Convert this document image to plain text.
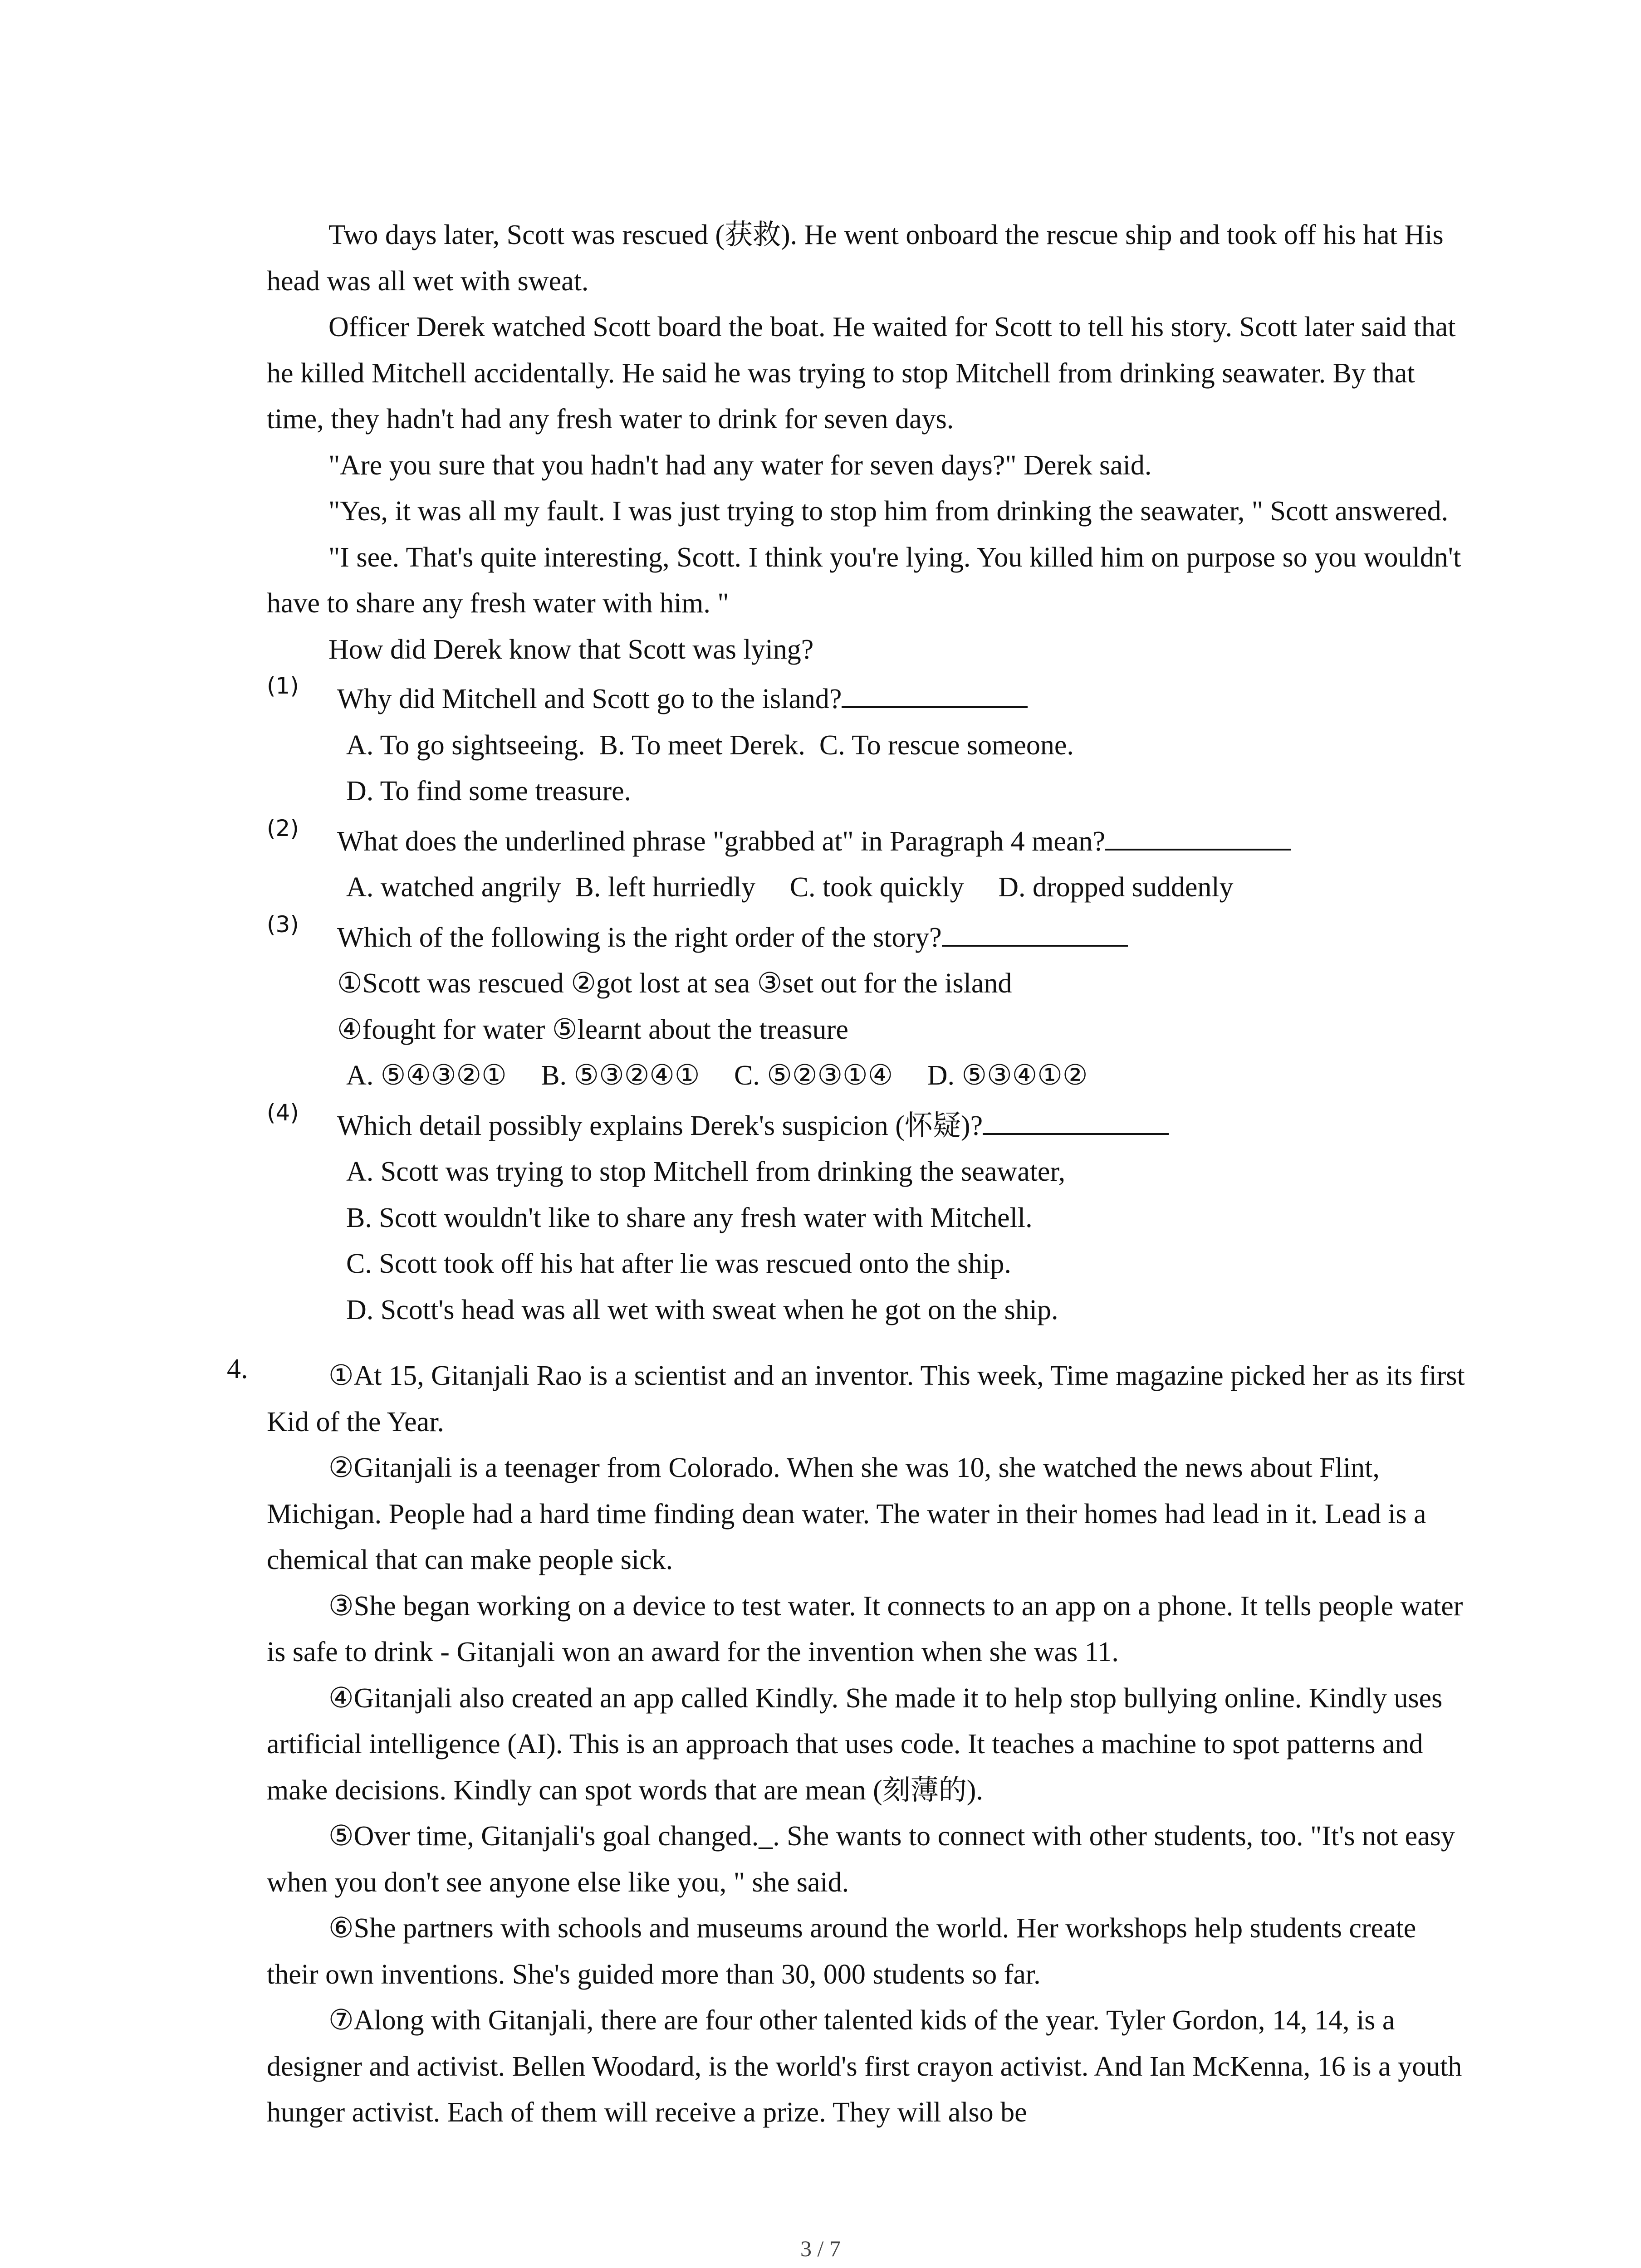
Two days later, Scott was rescued (获救). He went onboard the rescue ship and took off his hat His head was all wet with sweat.

Officer Derek watched Scott board the boat. He waited for Scott to tell his story. Scott later said that he killed Mitchell accidentally. He said he was trying to stop Mitchell from drinking seawater. By that time, they hadn't had any fresh water to drink for seven days.

"Are you sure that you hadn't had any water for seven days?" Derek said.

"Yes, it was all my fault. I was just trying to stop him from drinking the seawater, " Scott answered.

"I see. That's quite interesting, Scott. I think you're lying. You killed him on purpose so you wouldn't have to share any fresh water with him. "

How did Derek know that Scott was lying?

(1)	Why did Mitchell and Scott go to the island?

A. To go sightseeing. B. To meet Derek. C. To rescue someone.

D. To find some treasure.

(2)	What does the underlined phrase "grabbed at" in Paragraph 4 mean?

A. watched angrily B. left hurriedly C. took quickly D. dropped suddenly

(3)	Which of the following is the right order of the story?

①Scott was rescued ②got lost at sea ③set out for the island

④fought for water ⑤learnt about the treasure

A. ⑤④③②① B. ⑤③②④① C. ⑤②③①④ D. ⑤③④①②

(4)	Which detail possibly explains Derek's suspicion (怀疑)?

A. Scott was trying to stop Mitchell from drinking the seawater,

B. Scott wouldn't like to share any fresh water with Mitchell.

C. Scott took off his hat after lie was rescued onto the ship.

D. Scott's head was all wet with sweat when he got on the ship.

4.	①At 15, Gitanjali Rao is a scientist and an inventor. This week, Time magazine picked her as its first Kid of the Year.

②Gitanjali is a teenager from Colorado. When she was 10, she watched the news about Flint, Michigan. People had a hard time finding dean water. The water in their homes had lead in it. Lead is a chemical that can make people sick.

③She began working on a device to test water. It connects to an app on a phone. It tells people water is safe to drink - Gitanjali won an award for the invention when she was 11.

④Gitanjali also created an app called Kindly. She made it to help stop bullying online. Kindly uses artificial intelligence (AI). This is an approach that uses code. It teaches a machine to spot patterns and make decisions. Kindly can spot words that are mean (刻薄的).

⑤Over time, Gitanjali's goal changed._. She wants to connect with other students, too. "It's not easy when you don't see anyone else like you, " she said.

⑥She partners with schools and museums around the world. Her workshops help students create their own inventions. She's guided more than 30, 000 students so far.

⑦Along with Gitanjali, there are four other talented kids of the year. Tyler Gordon, 14, 14, is a designer and activist. Bellen Woodard, is the world's first crayon activist. And Ian McKenna, 16 is a youth hunger activist. Each of them will receive a prize. They will also be

3 / 7
